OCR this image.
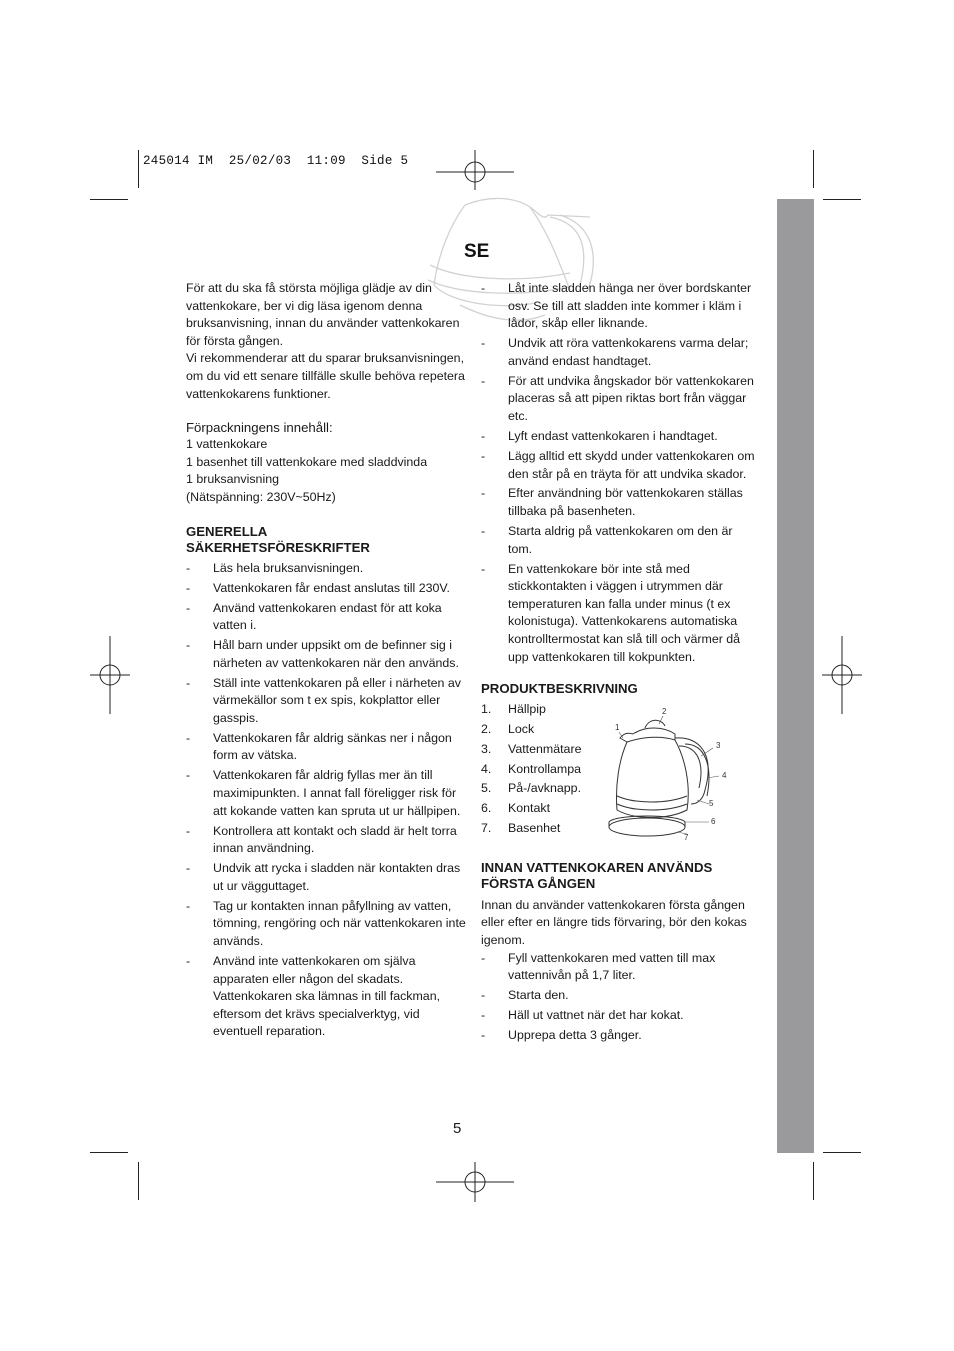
245014 IM  25/02/03  11:09  Side 5
SE

För att du ska få största möjliga glädje av din vattenkokare, ber vi dig läsa igenom denna bruksanvisning, innan du använder vattenkokaren för första gången.

Vi rekommenderar att du sparar bruksanvisningen, om du vid ett senare tillfälle skulle behöva repetera vattenkokarens funktioner.

Förpackningens innehåll:

1 vattenkokare

1 basenhet till vattenkokare med sladdvinda

1 bruksanvisning

(Nätspänning: 230V~50Hz)

GENERELLA

SÄKERHETSFÖRESKRIFTER

- Läs hela bruksanvisningen.
- Vattenkokaren får endast anslutas till 230V.
- Använd vattenkokaren endast för att koka vatten i.
- Håll barn under uppsikt om de befinner sig i närheten av vattenkokaren när den används.
- Ställ inte vattenkokaren på eller i närheten av värmekällor som t ex spis, kokplattor eller gasspis.
- Vattenkokaren får aldrig sänkas ner i någon form av vätska.
- Vattenkokaren får aldrig fyllas mer än till maximipunkten. I annat fall föreligger risk för att kokande vatten kan spruta ut ur hällpipen.
- Kontrollera att kontakt och sladd är helt torra innan användning.
- Undvik att rycka i sladden när kontakten dras ut ur vägguttaget.
- Tag ur kontakten innan påfyllning av vatten, tömning, rengöring och när vattenkokaren inte används.
- Använd inte vattenkokaren om själva apparaten eller någon del skadats. Vattenkokaren ska lämnas in till fackman, eftersom det krävs specialverktyg, vid eventuell reparation.
- Låt inte sladden hänga ner över bordskanter osv. Se till att sladden inte kommer i kläm i lådor, skåp eller liknande.
- Undvik att röra vattenkokarens varma delar; använd endast handtaget.
- För att undvika ångskador bör vattenkokaren placeras så att pipen riktas bort från väggar etc.
- Lyft endast vattenkokaren i handtaget.
- Lägg alltid ett skydd under vattenkokaren om den står på en träyta för att undvika skador.
- Efter användning bör vattenkokaren ställas tillbaka på basenheten.
- Starta aldrig på vattenkokaren om den är tom.
- En vattenkokare bör inte stå med stickkontakten i väggen i utrymmen där temperaturen kan falla under minus (t ex kolonistuga). Vattenkokarens automatiska kontrolltermostat kan slå till och värmer då upp vattenkokaren till kokpunkten.

PRODUKTBESKRIVNING

1. Hällpip
2. Lock
3. Vattenmätare
4. Kontrollampa
5. På-/avknapp.
6. Kontakt
7. Basenhet

INNAN VATTENKOKAREN ANVÄNDS

FÖRSTA GÅNGEN

Innan du använder vattenkokaren första gången eller efter en längre tids förvaring, bör den kokas igenom.

- Fyll vattenkokaren med vatten till max vattennivån på 1,7 liter.
- Starta den.
- Häll ut vattnet när det har kokat.
- Upprepa detta 3 gånger.
1
2
3
4
5
6
7
5
